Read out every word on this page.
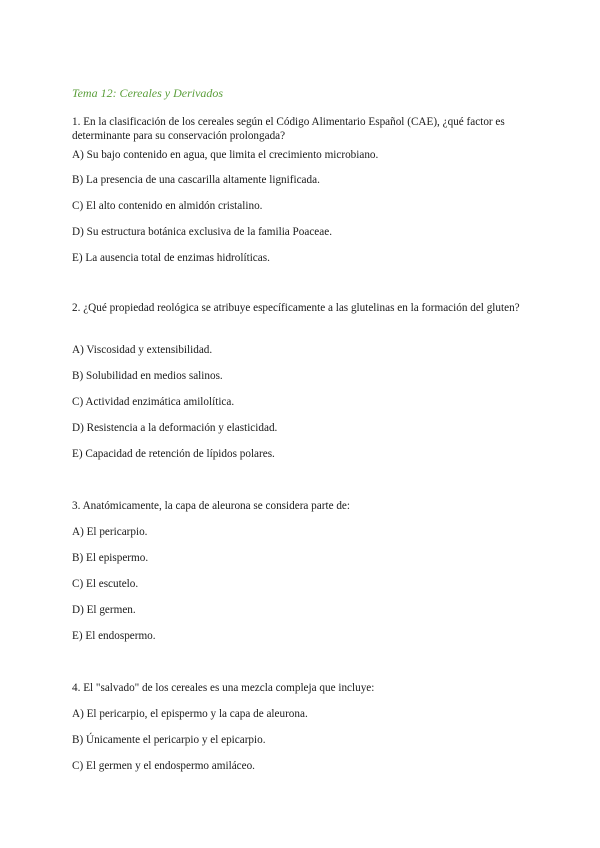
Tema 12: Cereales y Derivados
1. En la clasificación de los cereales según el Código Alimentario Español (CAE), ¿qué factor es determinante para su conservación prolongada?
A) Su bajo contenido en agua, que limita el crecimiento microbiano.
B) La presencia de una cascarilla altamente lignificada.
C) El alto contenido en almidón cristalino.
D) Su estructura botánica exclusiva de la familia Poaceae.
E) La ausencia total de enzimas hidrolíticas.
2. ¿Qué propiedad reológica se atribuye específicamente a las glutelinas en la formación del gluten?
A) Viscosidad y extensibilidad.
B) Solubilidad en medios salinos.
C) Actividad enzimática amilolítica.
D) Resistencia a la deformación y elasticidad.
E) Capacidad de retención de lípidos polares.
3. Anatómicamente, la capa de aleurona se considera parte de:
A) El pericarpio.
B) El epispermo.
C) El escutelo.
D) El germen.
E) El endospermo.
4. El "salvado" de los cereales es una mezcla compleja que incluye:
A) El pericarpio, el epispermo y la capa de aleurona.
B) Únicamente el pericarpio y el epicarpio.
C) El germen y el endospermo amiláceo.
